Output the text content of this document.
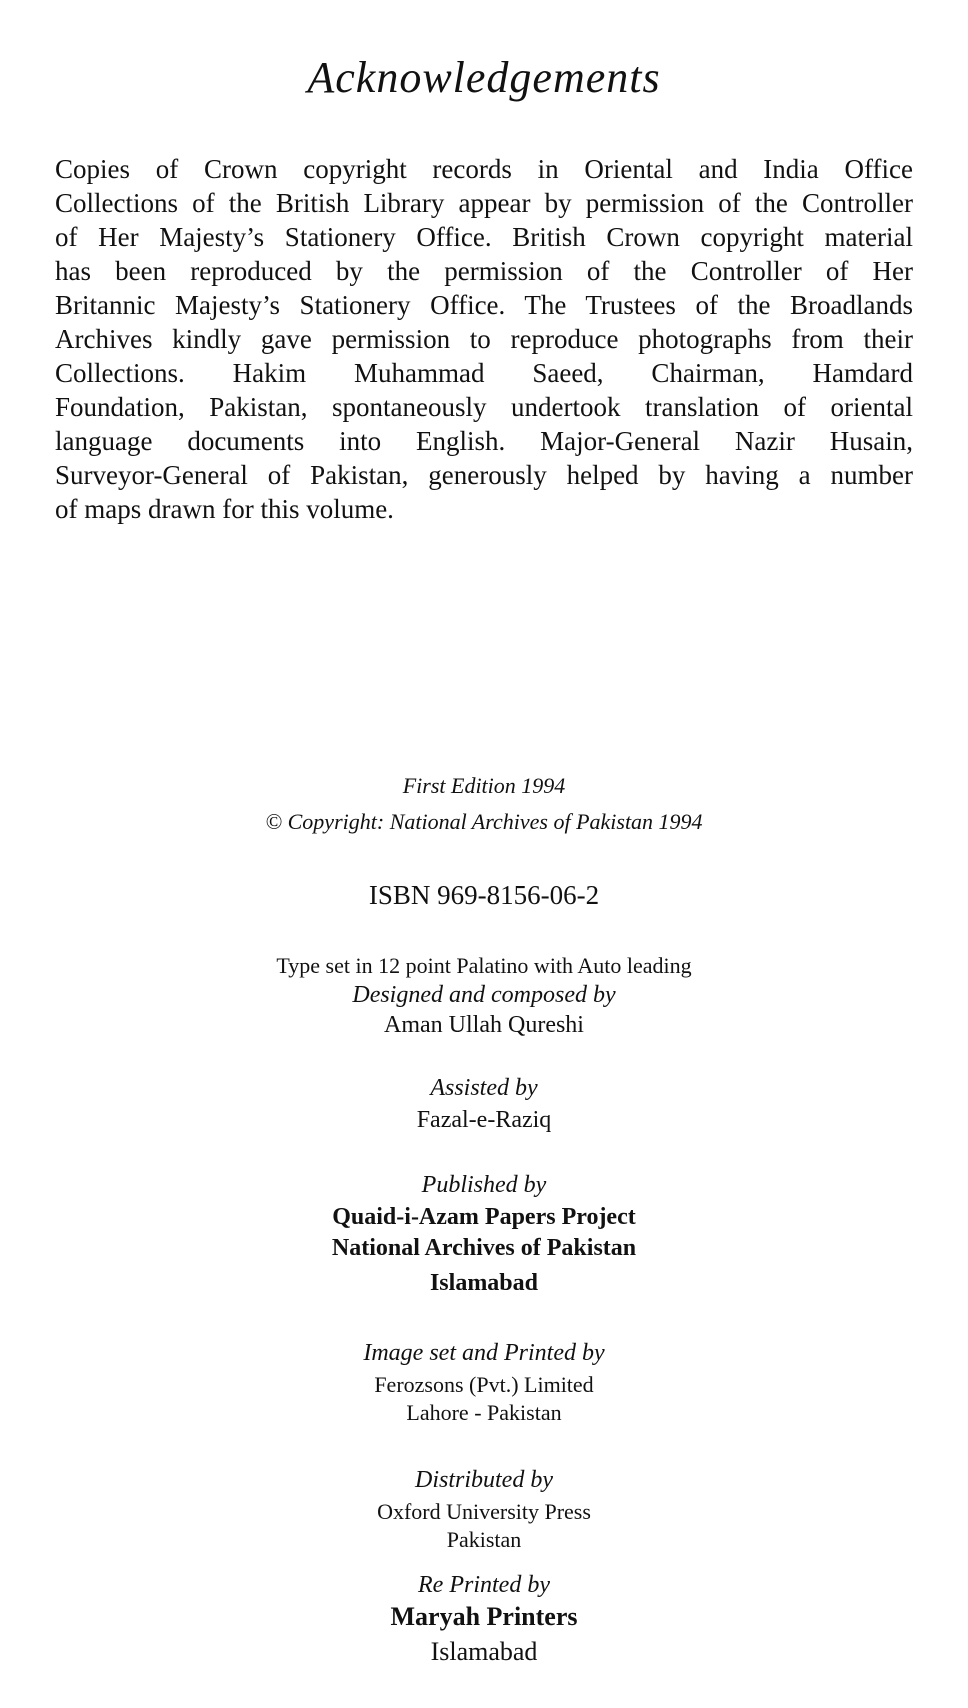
Acknowledgements
Copies of Crown copyright records in Oriental and India Office
Collections of the British Library appear by permission of the Controller
of Her Majesty’s Stationery Office. British Crown copyright material
has been reproduced by the permission of the Controller of Her
Britannic Majesty’s Stationery Office. The Trustees of the Broadlands
Archives kindly gave permission to reproduce photographs from their
Collections. Hakim Muhammad Saeed, Chairman, Hamdard
Foundation, Pakistan, spontaneously undertook translation of oriental
language documents into English. Major-General Nazir Husain,
Surveyor-General of Pakistan, generously helped by having a number
of maps drawn for this volume.
First Edition 1994
© Copyright: National Archives of Pakistan 1994
ISBN 969-8156-06-2
Type set in 12 point Palatino with Auto leading
Designed and composed by
Aman Ullah Qureshi
Assisted by
Fazal-e-Raziq
Published by
Quaid-i-Azam Papers Project
National Archives of Pakistan
Islamabad
Image set and Printed by
Ferozsons (Pvt.) Limited
Lahore - Pakistan
Distributed by
Oxford University Press
Pakistan
Re Printed by
Maryah Printers
Islamabad
